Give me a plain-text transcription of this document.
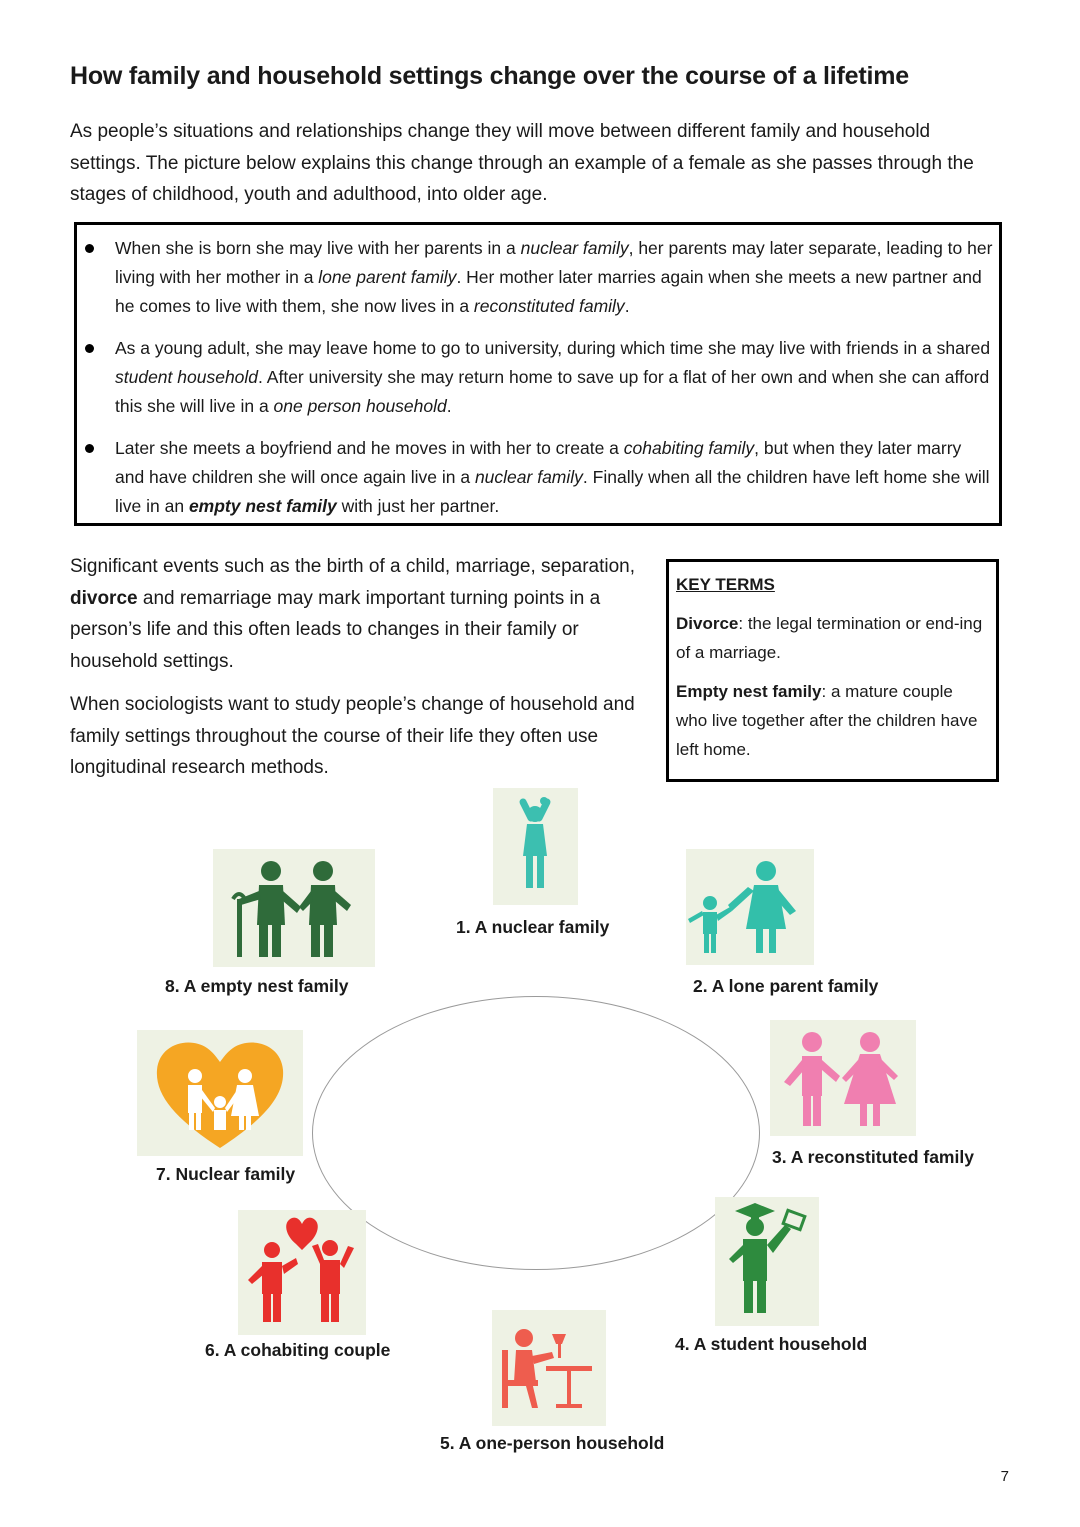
How family and household settings change over the course of a lifetime

As people’s situations and relationships change they will move between different family and household settings. The picture below explains this change through an example of a female as she passes through the stages of childhood, youth and adulthood, into older age.

When she is born she may live with her parents in a nuclear family, her parents may later separate, leading to her living with her mother in a lone parent family. Her mother later marries again when she meets a new partner and he comes to live with them, she now lives in a reconstituted family.
As a young adult, she may leave home to go to university, during which time she may live with friends in a shared student household. After university she may return home to save up for a flat of her own and when she can afford this she will live in a one person household.
Later she meets a boyfriend and he moves in with her to create a cohabiting family, but when they later marry and have children she will once again live in a nuclear family. Finally when all the children have left home she will live in an empty nest family with just her partner.

Significant events such as the birth of a child, marriage, separation, divorce and remarriage may mark important turning points in a person’s life and this often leads to changes in their family or household settings.

When sociologists want to study people’s change of household and family settings throughout the course of their life they often use longitudinal research methods.

KEY TERMS

Divorce: the legal termination or end-ing of a marriage.

Empty nest family: a mature couple who live together after the children have left home.

1. A nuclear family
2. A lone parent family
3. A reconstituted family
4. A student household
5. A one-person household
6. A cohabiting couple
7. Nuclear family
8. A empty nest family
7
